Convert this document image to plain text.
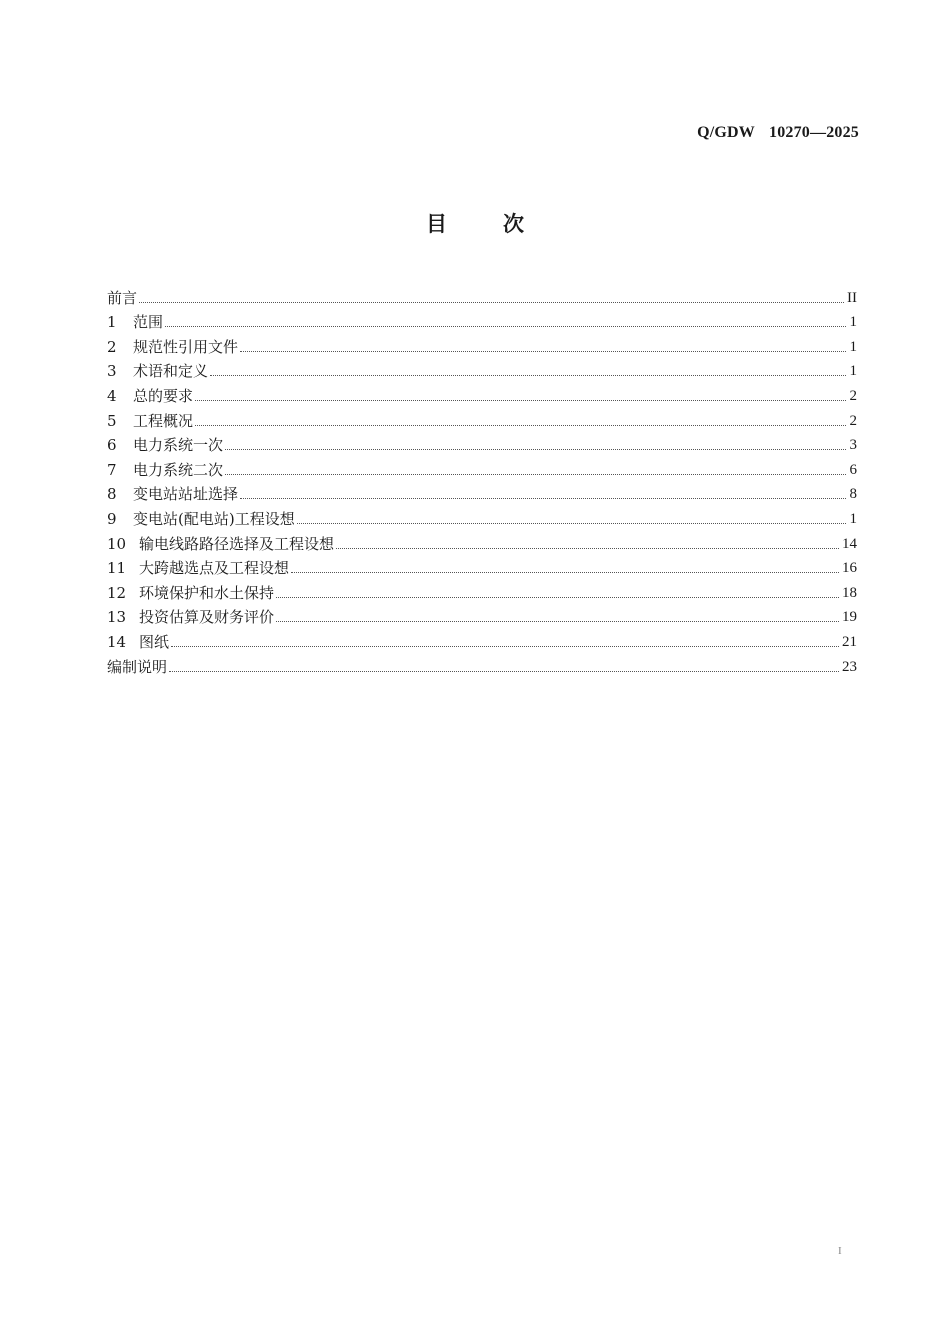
Q/GDW 10270—2025
目	次
前言	II
1	范围	1
2	规范性引用文件	1
3	术语和定义	1
4	总的要求	2
5	工程概况	2
6	电力系统一次	3
7	电力系统二次	6
8	变电站站址选择	8
9	变电站(配电站)工程设想	1
10 输电线路路径选择及工程设想	14
11 大跨越选点及工程设想	16
12 环境保护和水土保持	18
13 投资估算及财务评价	19
14 图纸	21
编制说明	23
I
